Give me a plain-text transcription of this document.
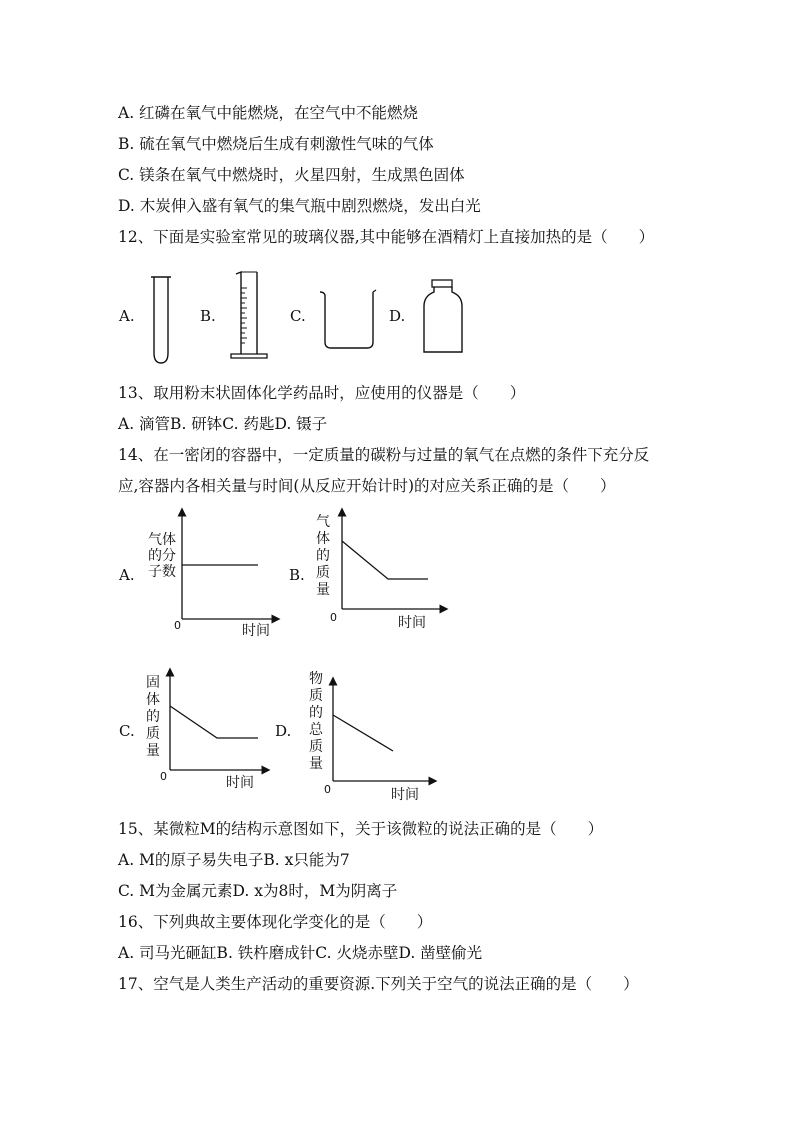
A. 红磷在氧气中能燃烧，在空气中不能燃烧
B. 硫在氧气中燃烧后生成有刺激性气味的气体
C. 镁条在氧气中燃烧时，火星四射，生成黑色固体
D. 木炭伸入盛有氧气的集气瓶中剧烈燃烧，发出白光
12、下面是实验室常见的玻璃仪器,其中能够在酒精灯上直接加热的是（　　）
A.	B.	C.	D.
13、取用粉末状固体化学药品时，应使用的仪器是（　　）
A. 滴管B. 研钵C. 药匙D. 镊子
14、在一密闭的容器中，一定质量的碳粉与过量的氧气在点燃的条件下充分反
应,容器内各相关量与时间(从反应开始计时)的对应关系正确的是（　　）
A.
气体
的分
子数
0	时间
B.
气
体
的
质
量
0	时间
C.
固
体
的
质
量
0	时间
D.
物
质
的
总
质
量
0	时间
15、某微粒M的结构示意图如下，关于该微粒的说法正确的是（　　）
A. M的原子易失电子B. x只能为7
C. M为金属元素D. x为8时，M为阴离子
16、下列典故主要体现化学变化的是（　　）
A. 司马光砸缸B. 铁杵磨成针C. 火烧赤壁D. 凿壁偷光
17、空气是人类生产活动的重要资源.下列关于空气的说法正确的是（　　）
